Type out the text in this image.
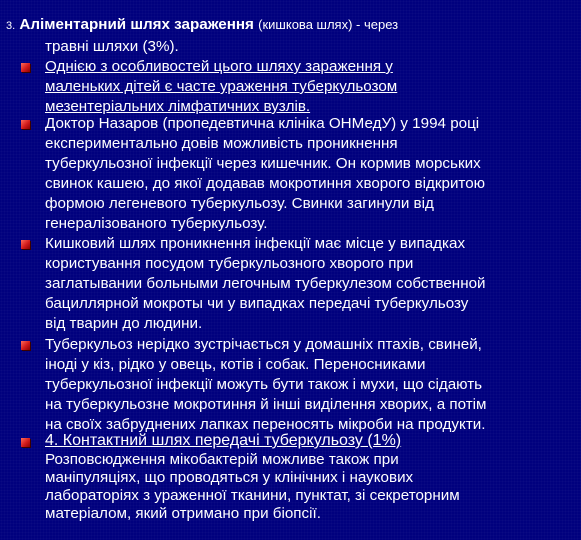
3. Аліментарний шлях зараження (кишкова шлях) - через
травні шляхи (3%).
Однією з особливостей цього шляху зараження у
маленьких дітей є часте ураження туберкульозом
мезентеріальних лімфатичних вузлів.
Доктор Назаров (пропедевтична клініка ОНМедУ) у 1994 році
експериментально довів можливість проникнення
туберкульозної інфекції через кишечник. Он кормив морських
свинок кашею, до якої додавав мокротиння хворого відкритою
формою легеневого туберкульозу. Свинки загинули від
генералізованого туберкульозу.
Кишковий шлях проникнення інфекції має місце у випадках
користування посудом туберкульозного хворого при
заглатывании больными легочным туберкулезом собственной
бациллярной мокроты чи у випадках передачі туберкульозу
від тварин до людини.
Туберкульоз нерідко зустрічається у домашніх птахів, свиней,
іноді у кіз, рідко у овець, котів і собак. Переносниками
туберкульозної інфекції можуть бути також і мухи, що сідають
на туберкульозне мокротиння й інші виділення хворих, а потім
на своїх забруднених лапках переносять мікроби на продукти.
4. Контактний шлях передачі туберкульозу (1%)
Розповсюдження мікобактерій можливе також при
маніпуляціях, що проводяться у клінічних і наукових
лабораторіях з ураженної тканини, пунктат, зі секреторним
матеріалом, який отримано при біопсії.
